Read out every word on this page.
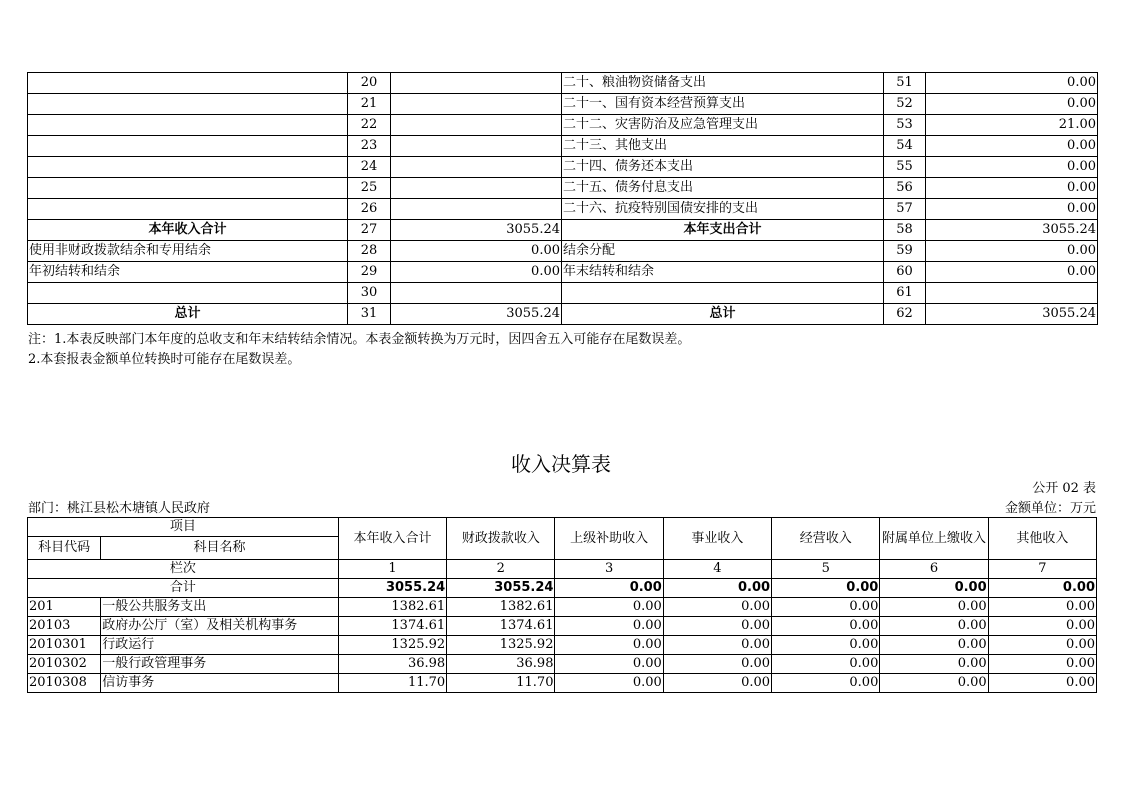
	20		二十、粮油物资储备支出	51	0.00
	21		二十一、国有资本经营预算支出	52	0.00
	22		二十二、灾害防治及应急管理支出	53	21.00
	23		二十三、其他支出	54	0.00
	24		二十四、债务还本支出	55	0.00
	25		二十五、债务付息支出	56	0.00
	26		二十六、抗疫特别国债安排的支出	57	0.00
本年收入合计	27	3055.24	本年支出合计	58	3055.24
使用非财政拨款结余和专用结余	28	0.00	结余分配	59	0.00
年初结转和结余	29	0.00	年末结转和结余	60	0.00
	30			61	
总计	31	3055.24	总计	62	3055.24
注：1.本表反映部门本年度的总收支和年末结转结余情况。本表金额转换为万元时，因四舍五入可能存在尾数误差。
2.本套报表金额单位转换时可能存在尾数误差。
收入决算表
公开 02 表
部门：桃江县松木塘镇人民政府	金额单位：万元
项目		本年收入合计	财政拨款收入	上级补助收入	事业收入	经营收入	附属单位上缴收入	其他收入
科目代码	科目名称							
栏次		1	2	3	4	5	6	7
合计		3055.24	3055.24	0.00	0.00	0.00	0.00	0.00
201	一般公共服务支出	1382.61	1382.61	0.00	0.00	0.00	0.00	0.00
20103	政府办公厅（室）及相关机构事务	1374.61	1374.61	0.00	0.00	0.00	0.00	0.00
2010301	行政运行	1325.92	1325.92	0.00	0.00	0.00	0.00	0.00
2010302	一般行政管理事务	36.98	36.98	0.00	0.00	0.00	0.00	0.00
2010308	信访事务	11.70	11.70	0.00	0.00	0.00	0.00	0.00
